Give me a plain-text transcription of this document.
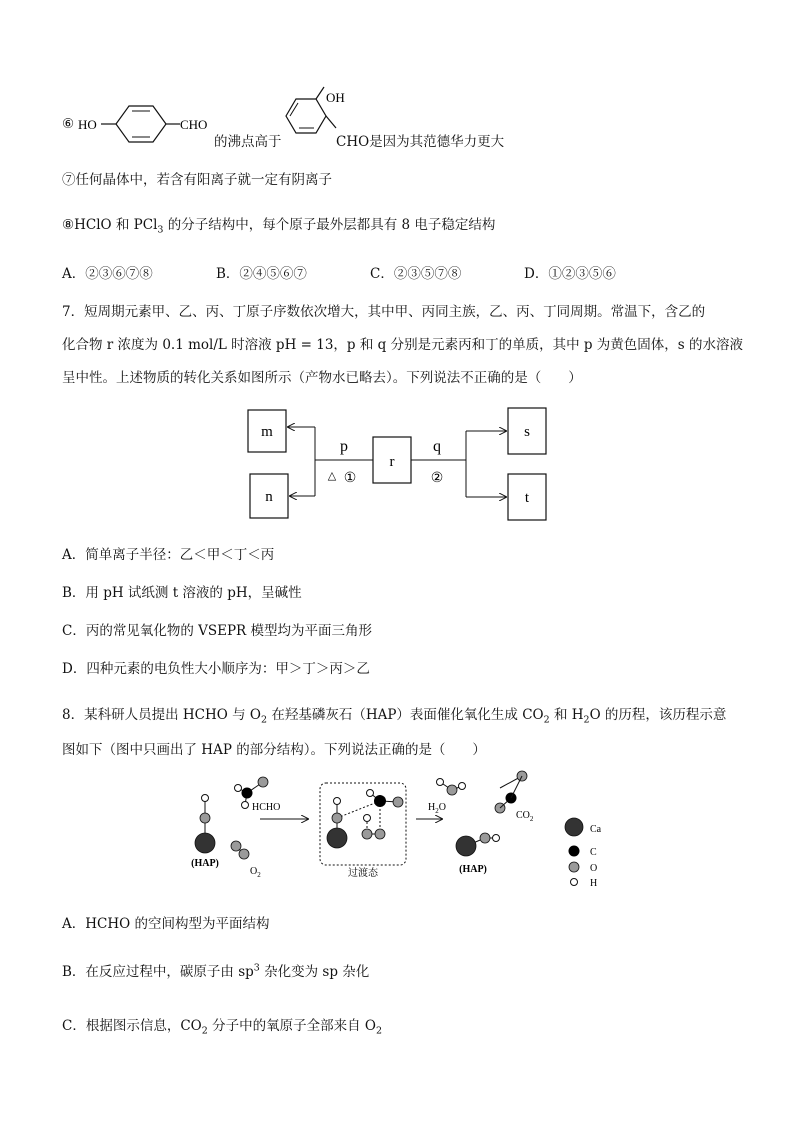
⑥ HO	CHO
的沸点高于
OH
CHO是因为其范德华力更大
⑦任何晶体中，若含有阳离子就一定有阴离子
⑧HClO 和 PCl$_3$ 的分子结构中，每个原子最外层都具有 8 电子稳定结构
A．②③⑥⑦⑧	B．②④⑤⑥⑦	C．②③⑤⑦⑧	D．①②③⑤⑥
7．短周期元素甲、乙、丙、丁原子序数依次增大，其中甲、丙同主族，乙、丙、丁同周期。常温下，含乙的
化合物 r 浓度为 0.1 mol/L 时溶液 pH = 13，p 和 q 分别是元素丙和丁的单质，其中 p 为黄色固体，s 的水溶液
呈中性。上述物质的转化关系如图所示（产物水已略去）。下列说法不正确的是（　　）
m
n
r
s
t
p
△ ①
q
②
A．简单离子半径：乙＜甲＜丁＜丙
B．用 pH 试纸测 t 溶液的 pH，呈碱性
C．丙的常见氧化物的 VSEPR 模型均为平面三角形
D．四种元素的电负性大小顺序为：甲＞丁＞丙＞乙
8．某科研人员提出 HCHO 与 $O_2$ 在羟基磷灰石（HAP）表面催化氧化生成 $CO_2$ 和 $H_2O$ 的历程，该历程示意
图如下（图中只画出了 HAP 的部分结构）。下列说法正确的是（　　）
(HAP)
HCHO
$O_2$	过渡态
$H_2O$
$CO_2$
(HAP)
Ca
C
O
H
A．HCHO 的空间构型为平面结构
B．在反应过程中，碳原子由 $sp^3$ 杂化变为 sp 杂化
C．根据图示信息，$CO_2$ 分子中的氧原子全部来自 $O_2$
